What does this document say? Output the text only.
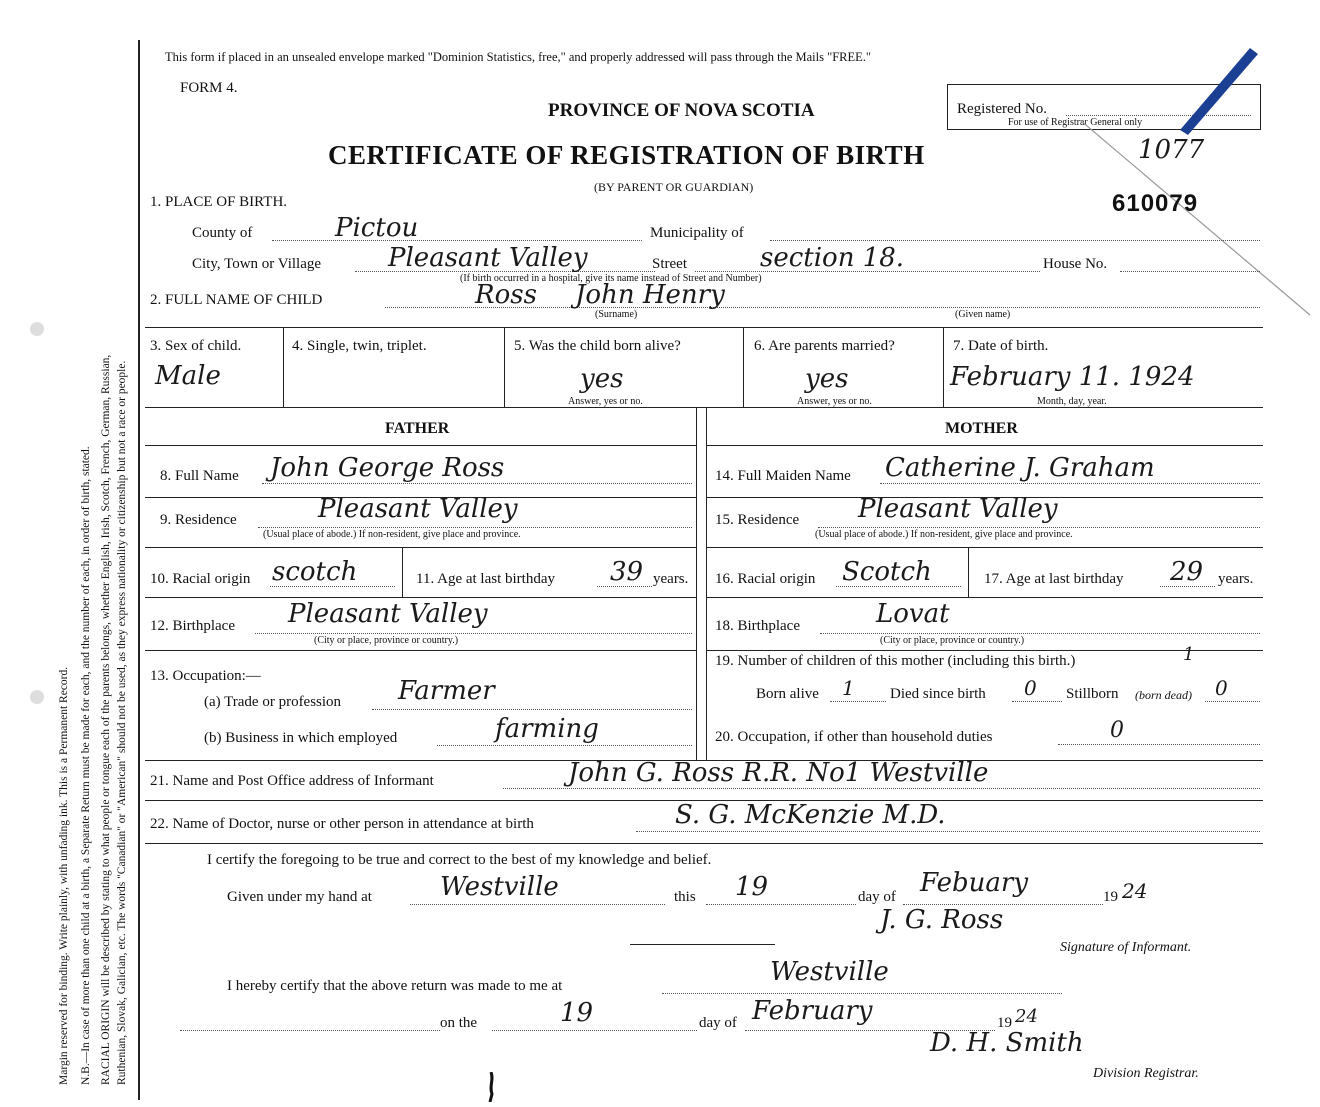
Margin reserved for binding. Write plainly, with unfading ink. This is a Permanent Record. N.B.—In case of more than one child at a birth, a Separate Return must be made for each, and the number of each, in order of birth, stated. RACIAL ORIGIN will be described by stating to what people or tongue each of the parents belongs, whether English, Irish, Scotch, French, German, Russian, Ruthenian, Slovak, Galician, etc. The words "Canadian" or "American" should not be used, as they express nationality or citizenship but not a race or people.
This form if placed in an unsealed envelope marked "Dominion Statistics, free," and properly addressed will pass through the Mails "FREE."
FORM 4.
PROVINCE OF NOVA SCOTIA
CERTIFICATE OF REGISTRATION OF BIRTH
(BY PARENT OR GUARDIAN)
Registered No.
For use of Registrar General only
1077
610079
1. PLACE OF BIRTH.
County of	Pictou	Municipality of
City, Town or Village	Pleasant Valley	Street	section 18.	House No.
(If birth occurred in a hospital, give its name instead of Street and Number)
2. FULL NAME OF CHILD	Ross John Henry
(Surname)	(Given name)
3. Sex of child.
Male
4. Single, twin, triplet.	5. Was the child born alive?
yes
Answer, yes or no.
6. Are parents married?
yes
Answer, yes or no.
7. Date of birth.
February 11. 1924
Month, day, year.
FATHER	MOTHER
8. Full Name John George Ross
9. Residence	Pleasant Valley
(Usual place of abode.) If non-resident, give place and province.
10. Racial origin scotch	11. Age at last birthday 39 years.
12. Birthplace Pleasant Valley
(City or place, province or country.)
13. Occupation:—
(a) Trade or profession Farmer
(b) Business in which employed	farming
14. Full Maiden Name Catherine J. Graham
15. Residence Pleasant Valley
(Usual place of abode.) If non-resident, give place and province.
16. Racial origin Scotch	17. Age at last birthday 29 years.
18. Birthplace	Lovat
(City or place, province or country.)
19. Number of children of this mother (including this birth.)	1
Born alive 1 Died since birth 0 Stillborn (born dead) 0
20. Occupation, if other than household duties	0
21. Name and Post Office address of Informant	John G. Ross R.R. No1 Westville
22. Name of Doctor, nurse or other person in attendance at birth	S. G. McKenzie M.D.
I certify the foregoing to be true and correct to the best of my knowledge and belief.
Given under my hand at	Westville	this 19	day of Febuary	19 24
J. G. Ross
Signature of Informant.
I hereby certify that the above return was made to me at	Westville
on the	19	day of February	19 24
D. H. Smith
Division Registrar.
